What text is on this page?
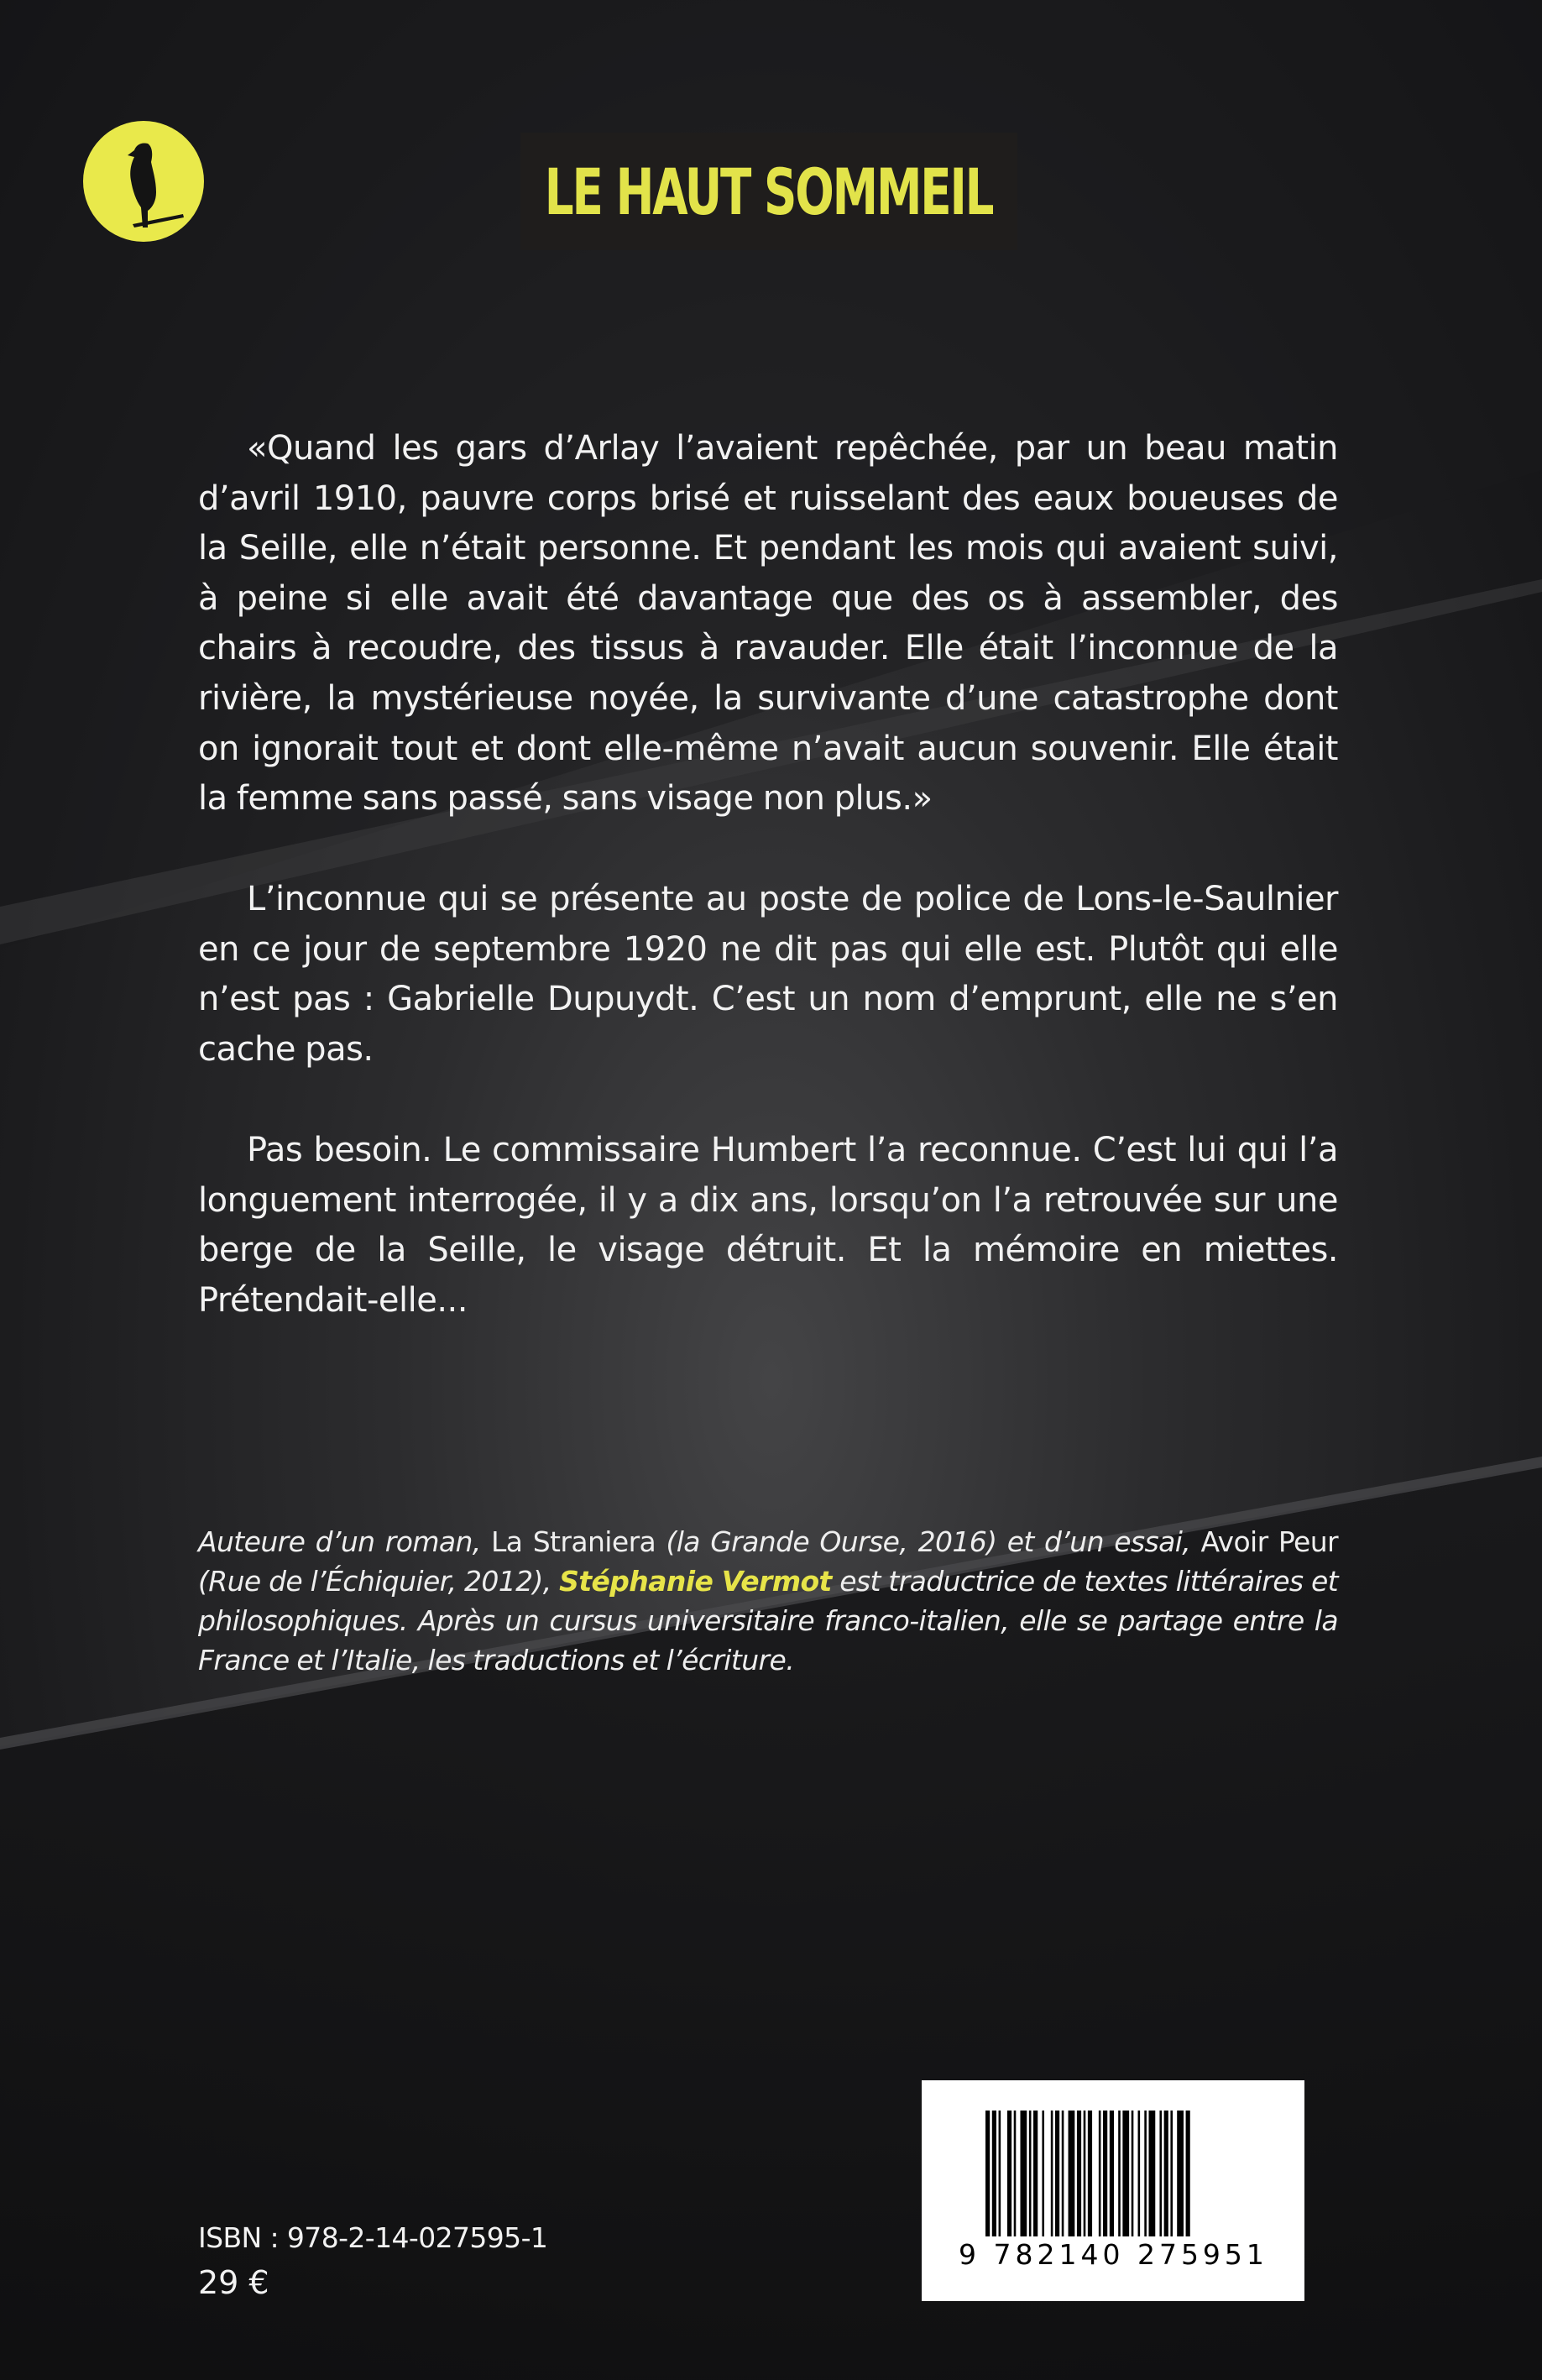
LE HAUT SOMMEIL

«Quand les gars d’Arlay l’avaient repêchée, par un beau matin d’avril 1910, pauvre corps brisé et ruisselant des eaux boueuses de la Seille, elle n’était personne. Et pendant les mois qui avaient suivi, à peine si elle avait été davantage que des os à assembler, des chairs à recoudre, des tissus à ravauder. Elle était l’inconnue de la rivière, la mystérieuse noyée, la survivante d’une catastrophe dont on ignorait tout et dont elle-même n’avait aucun souvenir. Elle était la femme sans passé, sans visage non plus.»

L’inconnue qui se présente au poste de police de Lons-le-Saulnier en ce jour de septembre 1920 ne dit pas qui elle est. Plutôt qui elle n’est pas : Gabrielle Dupuydt. C’est un nom d’emprunt, elle ne s’en cache pas.

Pas besoin. Le commissaire Humbert l’a reconnue. C’est lui qui l’a longuement interrogée, il y a dix ans, lorsqu’on l’a retrouvée sur une berge de la Seille, le visage détruit. Et la mémoire en miettes. Prétendait-elle...

Auteure d’un roman, La Straniera (la Grande Ourse, 2016) et d’un essai, Avoir Peur (Rue de l’Échiquier, 2012), Stéphanie Vermot est traductrice de textes littéraires et philosophiques. Après un cursus universitaire franco-italien, elle se partage entre la France et l’Italie, les traductions et l’écriture.

ISBN : 978-2-14-027595-1
29 €
9 782140 275951
